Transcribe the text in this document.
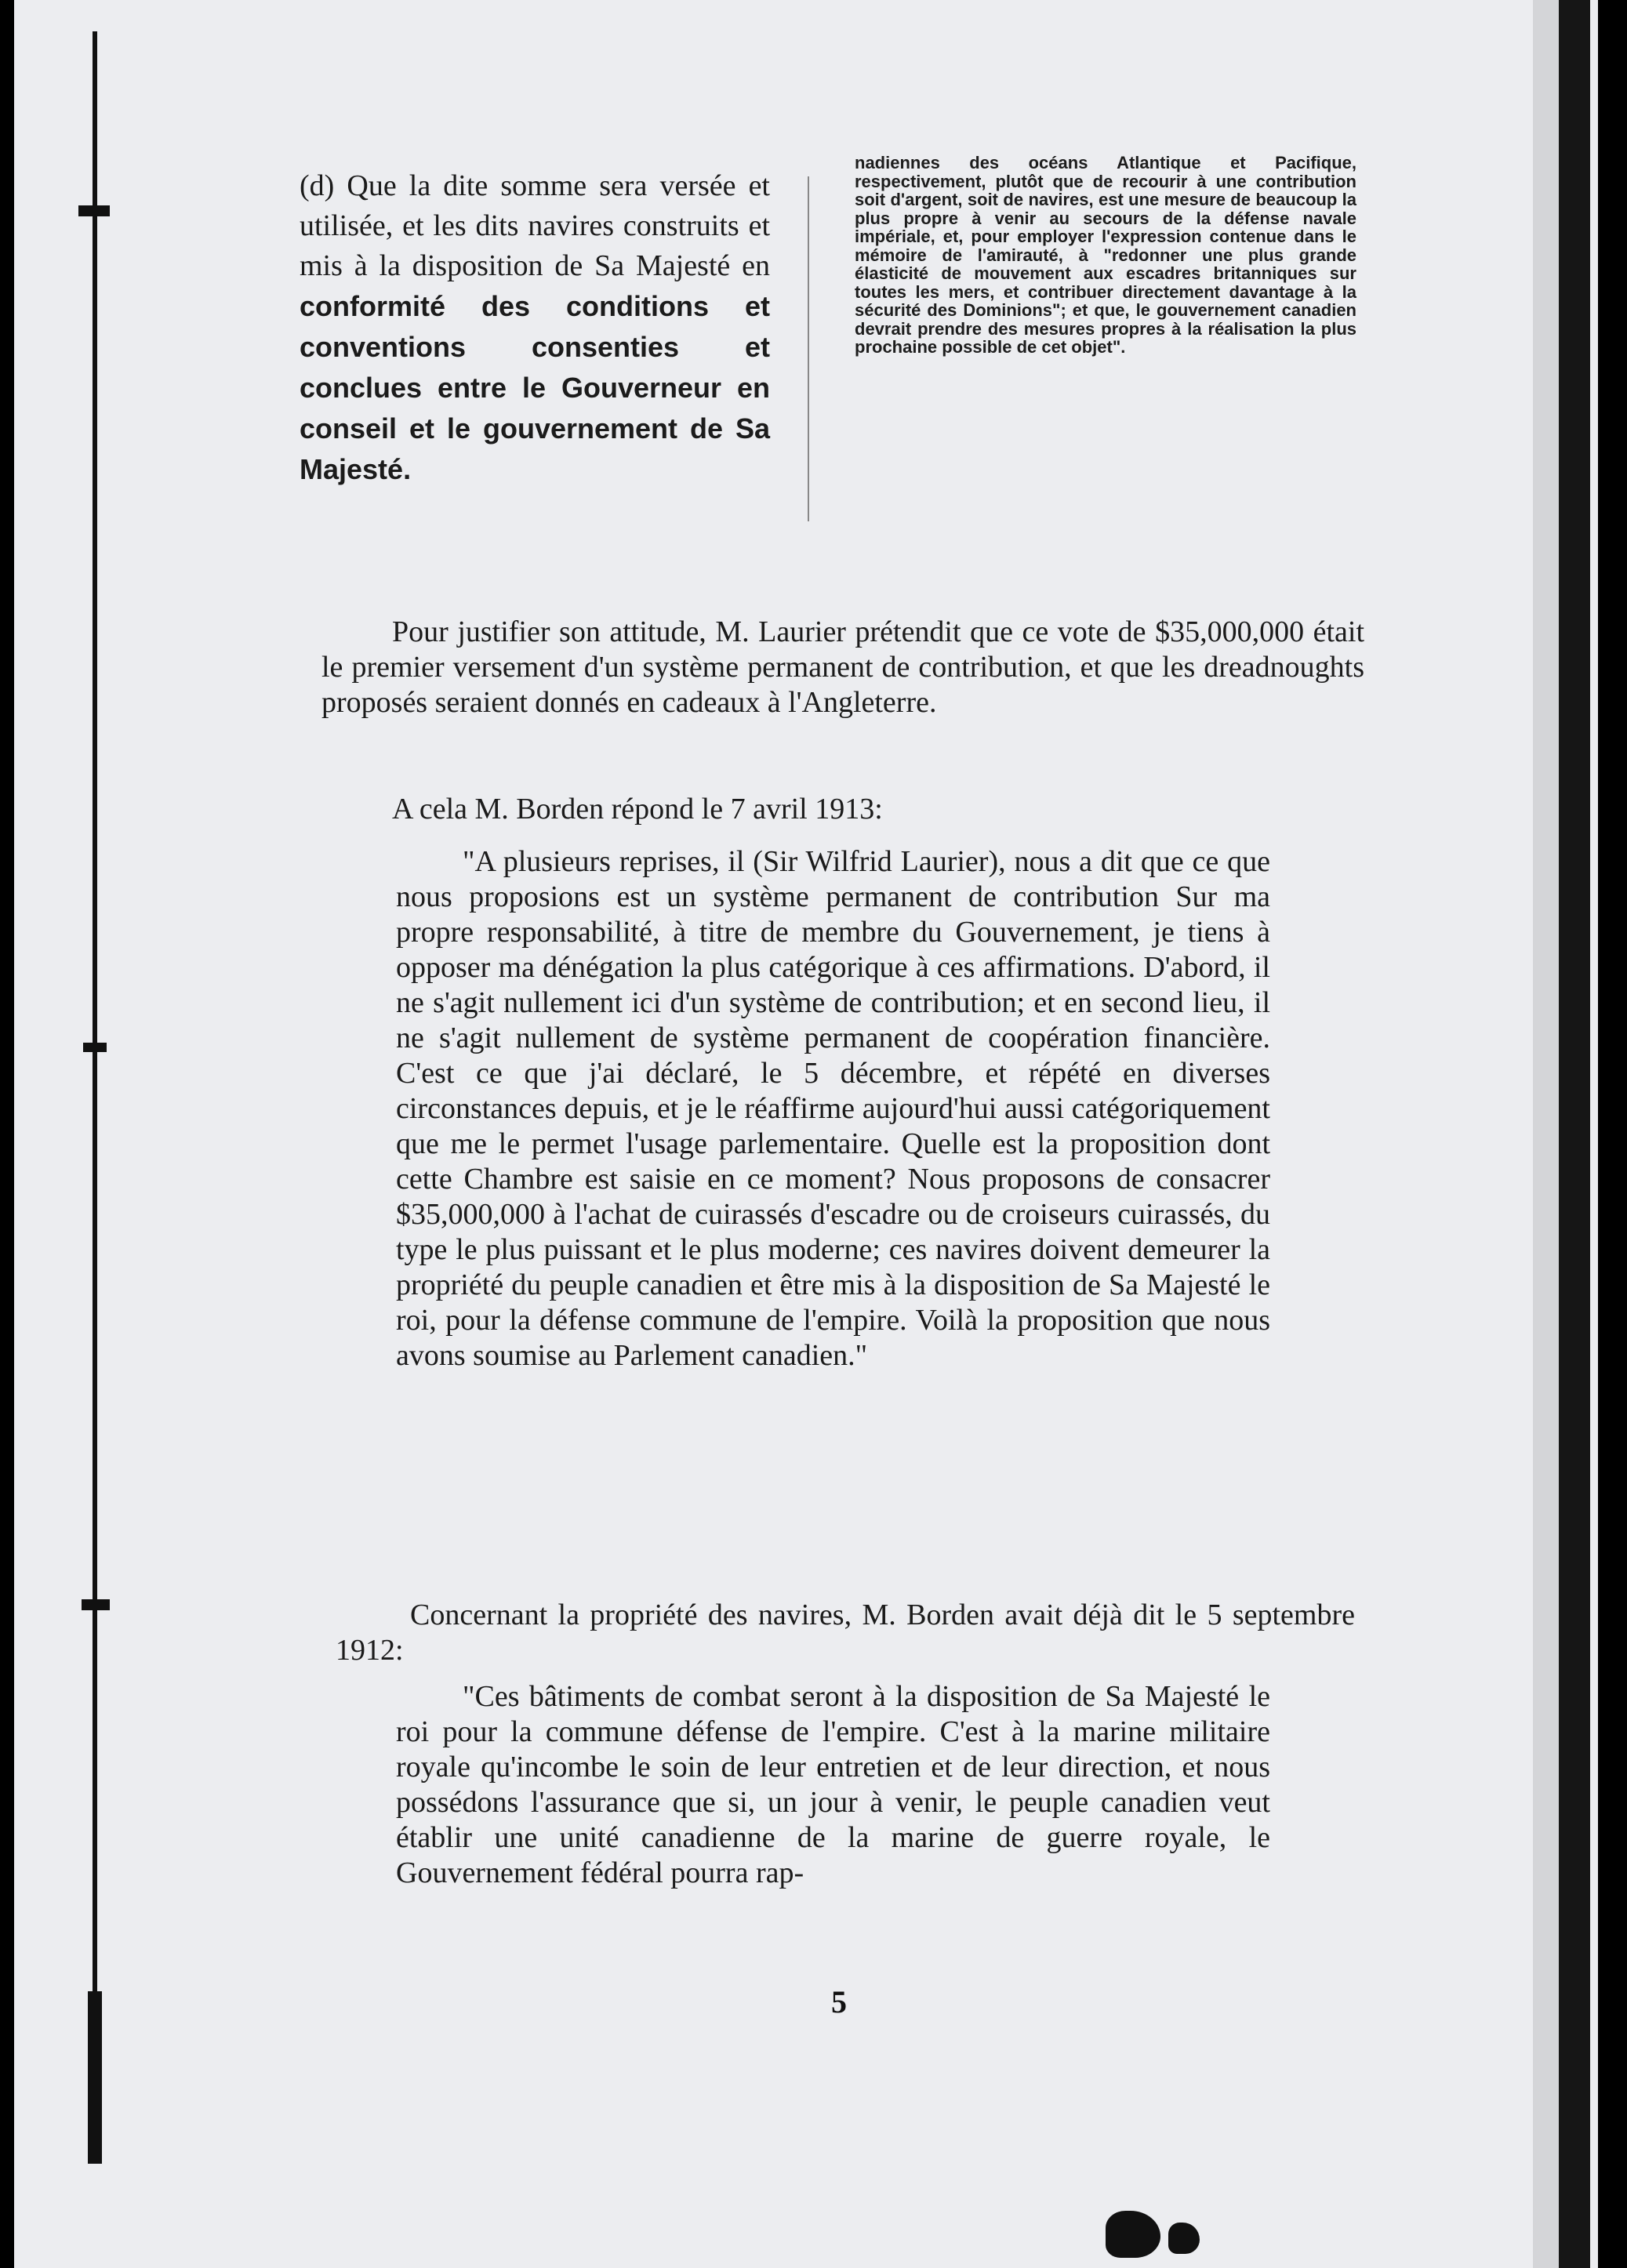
(d) Que la dite somme sera versée et utilisée, et les dits navires construits et mis à la disposition de Sa Majesté en conformité des conditions et conventions consenties et conclues entre le Gouverneur en conseil et le gouvernement de Sa Majesté.
nadiennes des océans Atlantique et Pacifique, respectivement, plutôt que de recourir à une contribution soit d'argent, soit de navires, est une mesure de beaucoup la plus propre à venir au secours de la défense navale impériale, et, pour employer l'expression contenue dans le mémoire de l'amirauté, à "redonner une plus grande élasticité de mouvement aux escadres britanniques sur toutes les mers, et contribuer directement davantage à la sécurité des Dominions"; et que, le gouvernement canadien devrait prendre des mesures propres à la réalisation la plus prochaine possible de cet objet".
Pour justifier son attitude, M. Laurier prétendit que ce vote de $35,000,000 était le premier versement d'un système permanent de contribution, et que les dreadnoughts proposés seraient donnés en cadeaux à l'Angleterre.
A cela M. Borden répond le 7 avril 1913:
"A plusieurs reprises, il (Sir Wilfrid Laurier), nous a dit que ce que nous proposions est un système permanent de contribution Sur ma propre responsabilité, à titre de membre du Gouvernement, je tiens à opposer ma dénégation la plus catégorique à ces affirmations. D'abord, il ne s'agit nullement ici d'un système de contribution; et en second lieu, il ne s'agit nullement de système permanent de coopération financière. C'est ce que j'ai déclaré, le 5 décembre, et répété en diverses circonstances depuis, et je le réaffirme aujourd'hui aussi catégoriquement que me le permet l'usage parlementaire. Quelle est la proposition dont cette Chambre est saisie en ce moment? Nous proposons de consacrer $35,000,000 à l'achat de cuirassés d'escadre ou de croiseurs cuirassés, du type le plus puissant et le plus moderne; ces navires doivent demeurer la propriété du peuple canadien et être mis à la disposition de Sa Majesté le roi, pour la défense commune de l'empire. Voilà la proposition que nous avons soumise au Parlement canadien."
Concernant la propriété des navires, M. Borden avait déjà dit le 5 septembre 1912:
"Ces bâtiments de combat seront à la disposition de Sa Majesté le roi pour la commune défense de l'empire. C'est à la marine militaire royale qu'incombe le soin de leur entretien et de leur direction, et nous possédons l'assurance que si, un jour à venir, le peuple canadien veut établir une unité canadienne de la marine de guerre royale, le Gouvernement fédéral pourra rap-
5
